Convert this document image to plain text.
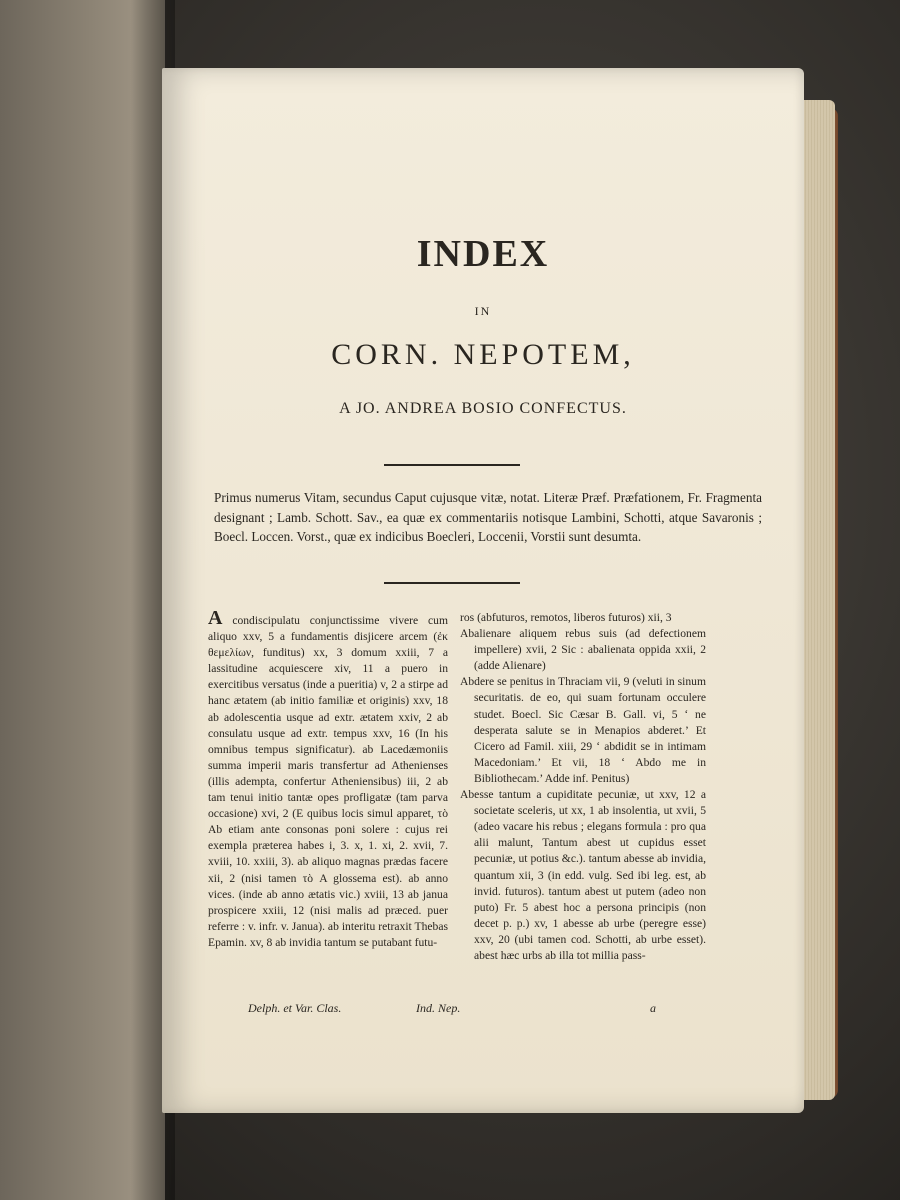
INDEX
IN
CORN. NEPOTEM,
A JO. ANDREA BOSIO CONFECTUS.

Primus numerus Vitam, secundus Caput cujusque vitæ, notat. Literæ Præf. Præfationem, Fr. Fragmenta designant ; Lamb. Schott. Sav., ea quæ ex commentariis notisque Lambini, Schotti, atque Savaronis ; Boecl. Loccen. Vorst., quæ ex indicibus Boecleri, Loccenii, Vorstii sunt desumta.

A condiscipulatu conjunctissime vivere cum aliquo xxv, 5 a fundamentis disjicere arcem (ἐκ θεμελίων, funditus) xx, 3 domum xxiii, 7 a lassitudine acquiescere xiv, 11 a puero in exercitibus versatus (inde a pueritia) v, 2 a stirpe ad hanc ætatem (ab initio familiæ et originis) xxv, 18 ab adolescentia usque ad extr. ætatem xxiv, 2 ab consulatu usque ad extr. tempus xxv, 16 (In his omnibus tempus significatur). ab Lacedæmoniis summa imperii maris transfertur ad Athenienses (illis adempta, confertur Atheniensibus) iii, 2 ab tam tenui initio tantæ opes profligatæ (tam parva occasione) xvi, 2 (E quibus locis simul apparet, τὸ Ab etiam ante consonas poni solere : cujus rei exempla præterea habes i, 3. x, 1. xi, 2. xvii, 7. xviii, 10. xxiii, 3). ab aliquo magnas prædas facere xii, 2 (nisi tamen τὸ A glossema est). ab anno vices. (inde ab anno ætatis vic.) xviii, 13 ab janua prospicere xxiii, 12 (nisi malis ad præced. puer referre : v. infr. v. Janua). ab interitu retraxit Thebas Epamin. xv, 8 ab invidia tantum se putabant futu-

ros (abfuturos, remotos, liberos futuros) xii, 3

Abalienare aliquem rebus suis (ad defectionem impellere) xvii, 2 Sic : abalienata oppida xxii, 2 (adde Alienare)

Abdere se penitus in Thraciam vii, 9 (veluti in sinum securitatis. de eo, qui suam fortunam occulere studet. Boecl. Sic Cæsar B. Gall. vi, 5 ‘ ne desperata salute se in Menapios abderet.’ Et Cicero ad Famil. xiii, 29 ‘ abdidit se in intimam Macedoniam.’ Et vii, 18 ‘ Abdo me in Bibliothecam.’ Adde inf. Penitus)

Abesse tantum a cupiditate pecuniæ, ut xxv, 12 a societate sceleris, ut xx, 1 ab insolentia, ut xvii, 5 (adeo vacare his rebus ; elegans formula : pro qua alii malunt, Tantum abest ut cupidus esset pecuniæ, ut potius &c.). tantum abesse ab invidia, quantum xii, 3 (in edd. vulg. Sed ibi leg. est, ab invid. futuros). tantum abest ut putem (adeo non puto) Fr. 5 abest hoc a persona principis (non decet p. p.) xv, 1 abesse ab urbe (peregre esse) xxv, 20 (ubi tamen cod. Schotti, ab urbe esset). abest hæc urbs ab illa tot millia pass-

Delph. et Var. Clas.	Ind. Nep.	a
